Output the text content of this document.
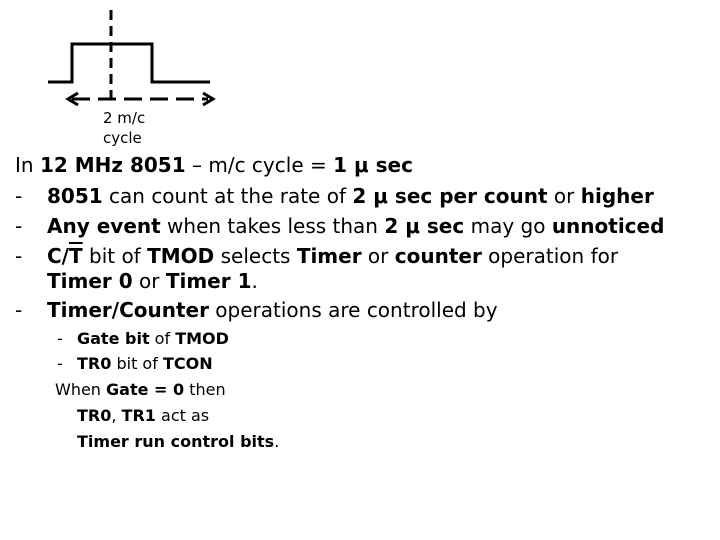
2 m/c
cycle
In 12 MHz 8051 – m/c cycle = 1 μ sec
- 8051 can count at the rate of 2 μ sec per count or higher
- Any event when takes less than 2 μ sec may go unnoticed
- $C/\overline{T}$ bit of TMOD selects Timer or counter operation for
Timer 0 or Timer 1.
- Timer/Counter operations are controlled by
- Gate bit of TMOD
- TR0 bit of TCON
When Gate = 0 then
TR0, TR1 act as
Timer run control bits.
